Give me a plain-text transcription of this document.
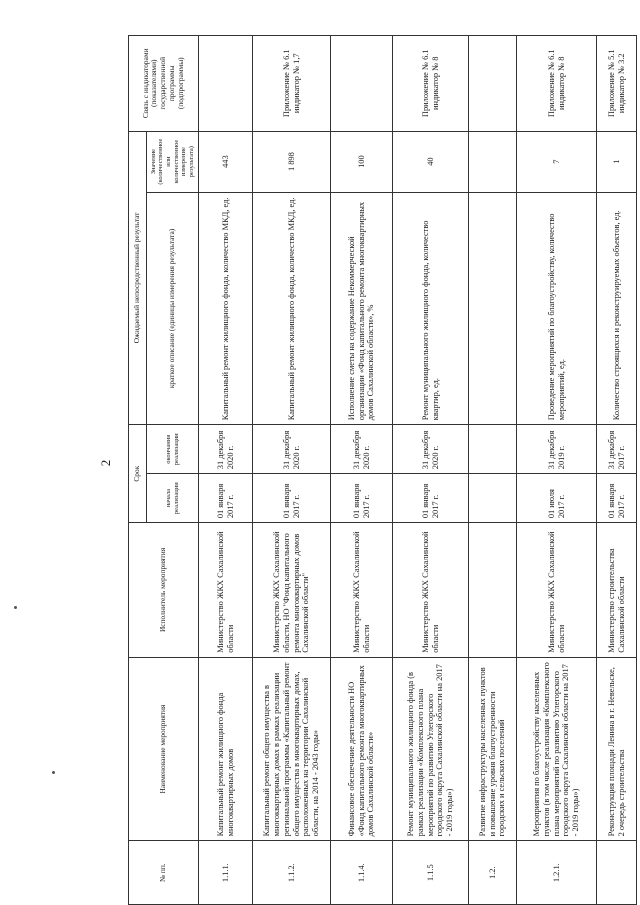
2
№ пп.	Наименование мероприятия	Исполнитель мероприятия	Срок		Ожидаемый непосредственный результат		Связь с индикаторами (показателями) государственной программы (подпрограммы)
			начала реализации	окончания реализации	краткое описание (единицы измерения результата)	Значение (количественное или количественное измерение результата)	
1.1.1.	Капитальный ремонт жилищного фонда многоквартирных домов	Министерство ЖКХ Сахалинской области	01 января 2017 г.	31 декабря 2020 г.	Капитальный ремонт жилищного фонда, количество МКД, ед.	443	
1.1.2.	Капитальный ремонт общего имущества в многоквартирных домах в рамках реализации региональной программы «Капитальный ремонт общего имущества в многоквартирных домах, расположенных на территории Сахалинской области, на 2014 - 2043 годы»	Министерство ЖКХ Сахалинской области, НО "Фонд капитального ремонта многоквартирных домов Сахалинской области"	01 января 2017 г.	31 декабря 2020 г.	Капитальный ремонт жилищного фонда, количество МКД, ед.	1 898	Приложение № 6.1 индикатор № 1,7
1.1.4.	Финансовое обеспечение деятельности НО «Фонд капитального ремонта многоквартирных домов Сахалинской области»	Министерство ЖКХ Сахалинской области	01 января 2017 г.	31 декабря 2020 г.	Исполнение сметы на содержание Некоммерческой организации «Фонд капитального ремонта многоквартирных домов Сахалинской области», %	100	
1.1.5	Ремонт муниципального жилищного фонда (в рамках реализации «Комплексного плана мероприятий по развитию Углегорского городского округа Сахалинской области на 2017 - 2019 годы»)	Министерство ЖКХ Сахалинской области	01 января 2017 г.	31 декабря 2020 г.	Ремонт муниципального жилищного фонда, количество квартир, ед.	40	Приложение № 6.1 индикатор № 8
1.2.	Развитие инфраструктуры населенных пунктов и повышение уровня благоустроенности городских и сельских поселений						
1.2.1.	Мероприятия по благоустройству населенных пунктов (в том числе реализация «Комплексного плана мероприятий по развитию Углегорского городского округа Сахалинской области на 2017 - 2019 годы»)	Министерство ЖКХ Сахалинской области	01 июля 2017 г.	31 декабря 2019 г.	Проведение мероприятий по благоустройству, количество мероприятий, ед.	7	Приложение № 6.1 индикатор № 8
	Реконструкция площади Ленина в г. Невельске, 2 очередь строительства	Министерство строительства Сахалинской области	01 января 2017 г.	31 декабря 2017 г.	Количество строящихся и реконструируемых объектов, ед.	1	Приложение № 5.1 индикатор № 3.2
